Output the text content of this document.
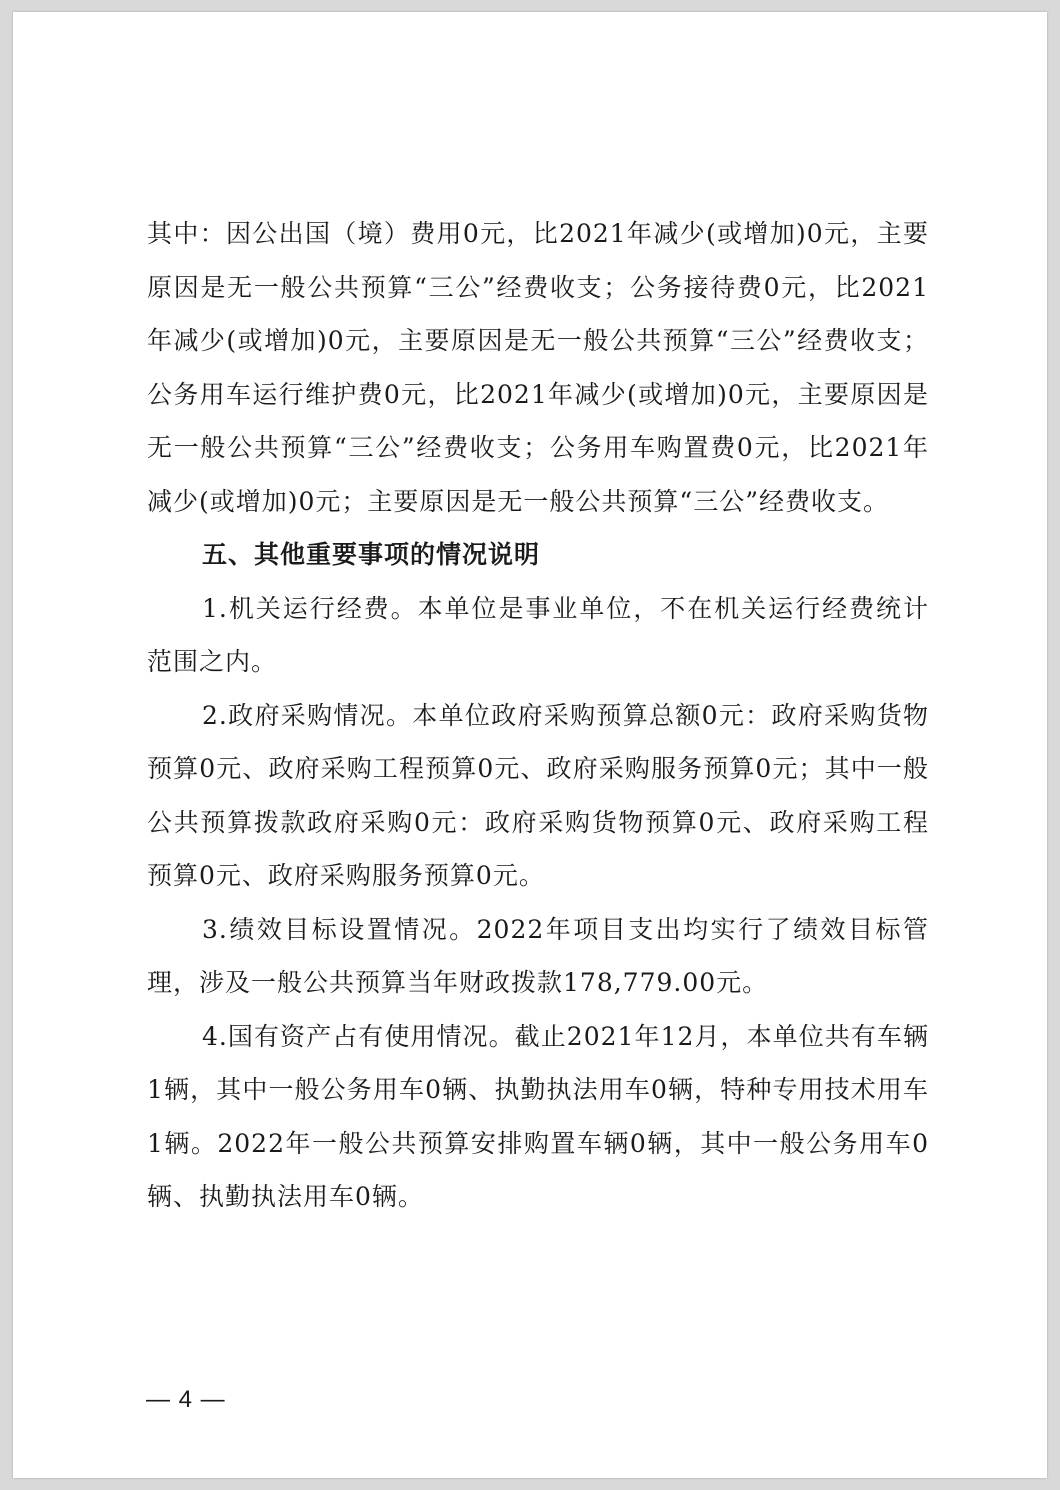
其中：因公出国（境）费用0元，比2021年减少(或增加)0元，主要原因是无一般公共预算“三公”经费收支；公务接待费0元，比2021年减少(或增加)0元，主要原因是无一般公共预算“三公”经费收支；公务用车运行维护费0元，比2021年减少(或增加)0元，主要原因是无一般公共预算“三公”经费收支；公务用车购置费0元，比2021年减少(或增加)0元；主要原因是无一般公共预算“三公”经费收支。

五、其他重要事项的情况说明

1.机关运行经费。本单位是事业单位，不在机关运行经费统计范围之内。

2.政府采购情况。本单位政府采购预算总额0元：政府采购货物预算0元、政府采购工程预算0元、政府采购服务预算0元；其中一般公共预算拨款政府采购0元：政府采购货物预算0元、政府采购工程预算0元、政府采购服务预算0元。

3.绩效目标设置情况。2022年项目支出均实行了绩效目标管理，涉及一般公共预算当年财政拨款178,779.00元。

4.国有资产占有使用情况。截止2021年12月，本单位共有车辆1辆，其中一般公务用车0辆、执勤执法用车0辆，特种专用技术用车1辆。2022年一般公共预算安排购置车辆0辆，其中一般公务用车0辆、执勤执法用车0辆。

— 4 —
